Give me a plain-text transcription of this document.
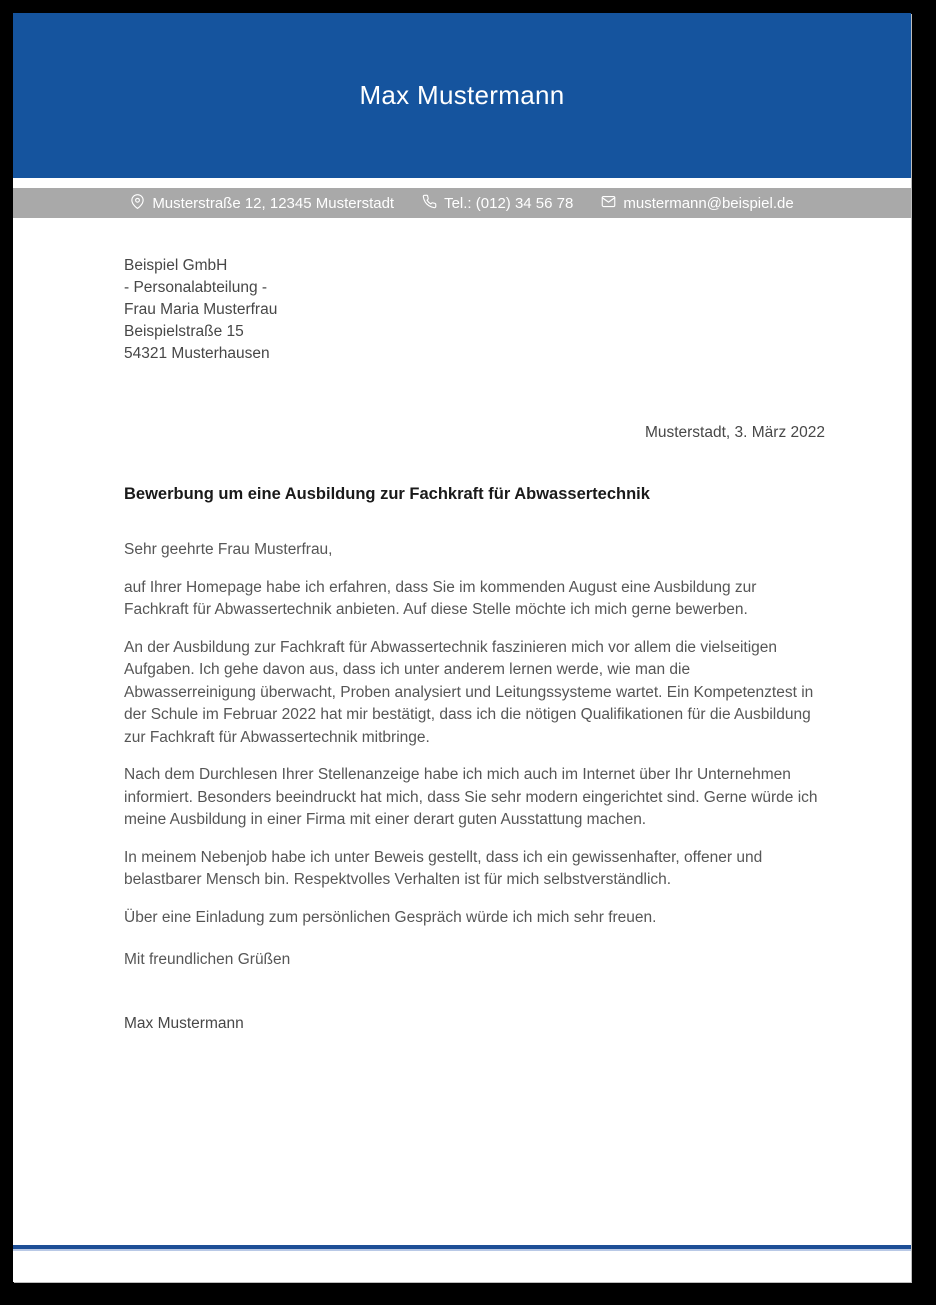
Max Mustermann
Musterstraße 12, 12345 Musterstadt	Tel.: (012) 34 56 78	mustermann@beispiel.de
Beispiel GmbH
- Personalabteilung -
Frau Maria Musterfrau
Beispielstraße 15
54321 Musterhausen
Musterstadt, 3. März 2022

Bewerbung um eine Ausbildung zur Fachkraft für Abwassertechnik

Sehr geehrte Frau Musterfrau,

auf Ihrer Homepage habe ich erfahren, dass Sie im kommenden August eine Ausbildung zur Fachkraft für Abwassertechnik anbieten. Auf diese Stelle möchte ich mich gerne bewerben.

An der Ausbildung zur Fachkraft für Abwassertechnik faszinieren mich vor allem die vielseitigen Aufgaben. Ich gehe davon aus, dass ich unter anderem lernen werde, wie man die Abwasserreinigung überwacht, Proben analysiert und Leitungssysteme wartet. Ein Kompetenztest in der Schule im Februar 2022 hat mir bestätigt, dass ich die nötigen Qualifikationen für die Ausbildung zur Fachkraft für Abwassertechnik mitbringe.

Nach dem Durchlesen Ihrer Stellenanzeige habe ich mich auch im Internet über Ihr Unternehmen informiert. Besonders beeindruckt hat mich, dass Sie sehr modern eingerichtet sind. Gerne würde ich meine Ausbildung in einer Firma mit einer derart guten Ausstattung machen.

In meinem Nebenjob habe ich unter Beweis gestellt, dass ich ein gewissenhafter, offener und belastbarer Mensch bin. Respektvolles Verhalten ist für mich selbstverständlich.

Über eine Einladung zum persönlichen Gespräch würde ich mich sehr freuen.

Mit freundlichen Grüßen

Max Mustermann
